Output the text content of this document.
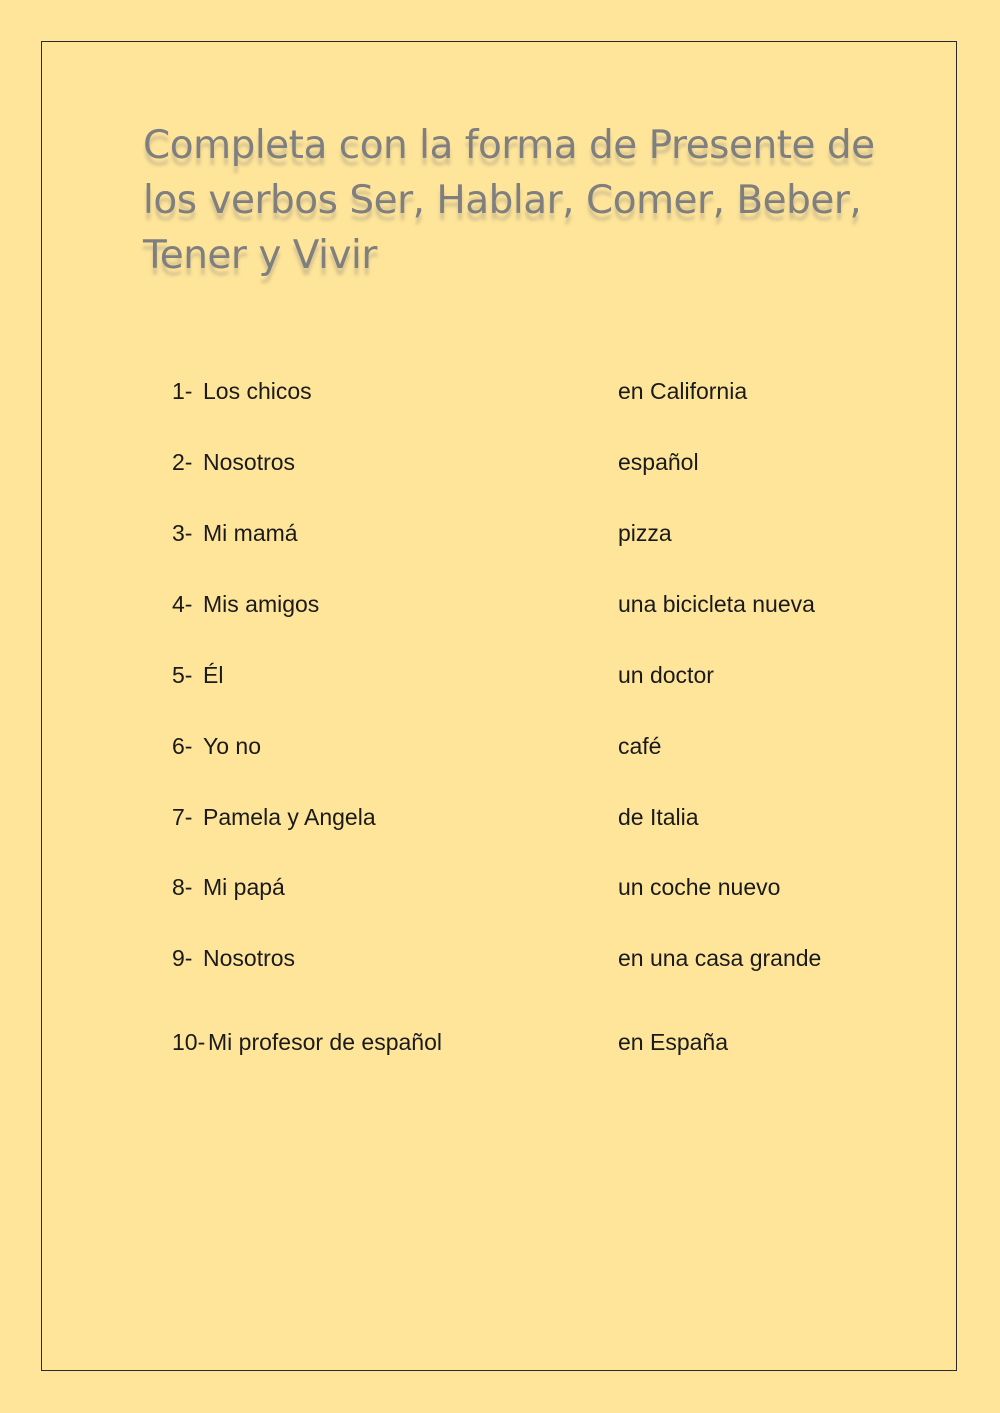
Completa con la forma de Presente de los verbos Ser, Hablar, Comer, Beber, Tener y Vivir
1- Los chicos	en California
2- Nosotros	español
3- Mi mamá	pizza
4- Mis amigos	una bicicleta nueva
5- Él	un doctor
6- Yo no	café
7- Pamela y Angela	de Italia
8- Mi papá	un coche nuevo
9- Nosotros	en una casa grande
10- Mi profesor de español	en España
